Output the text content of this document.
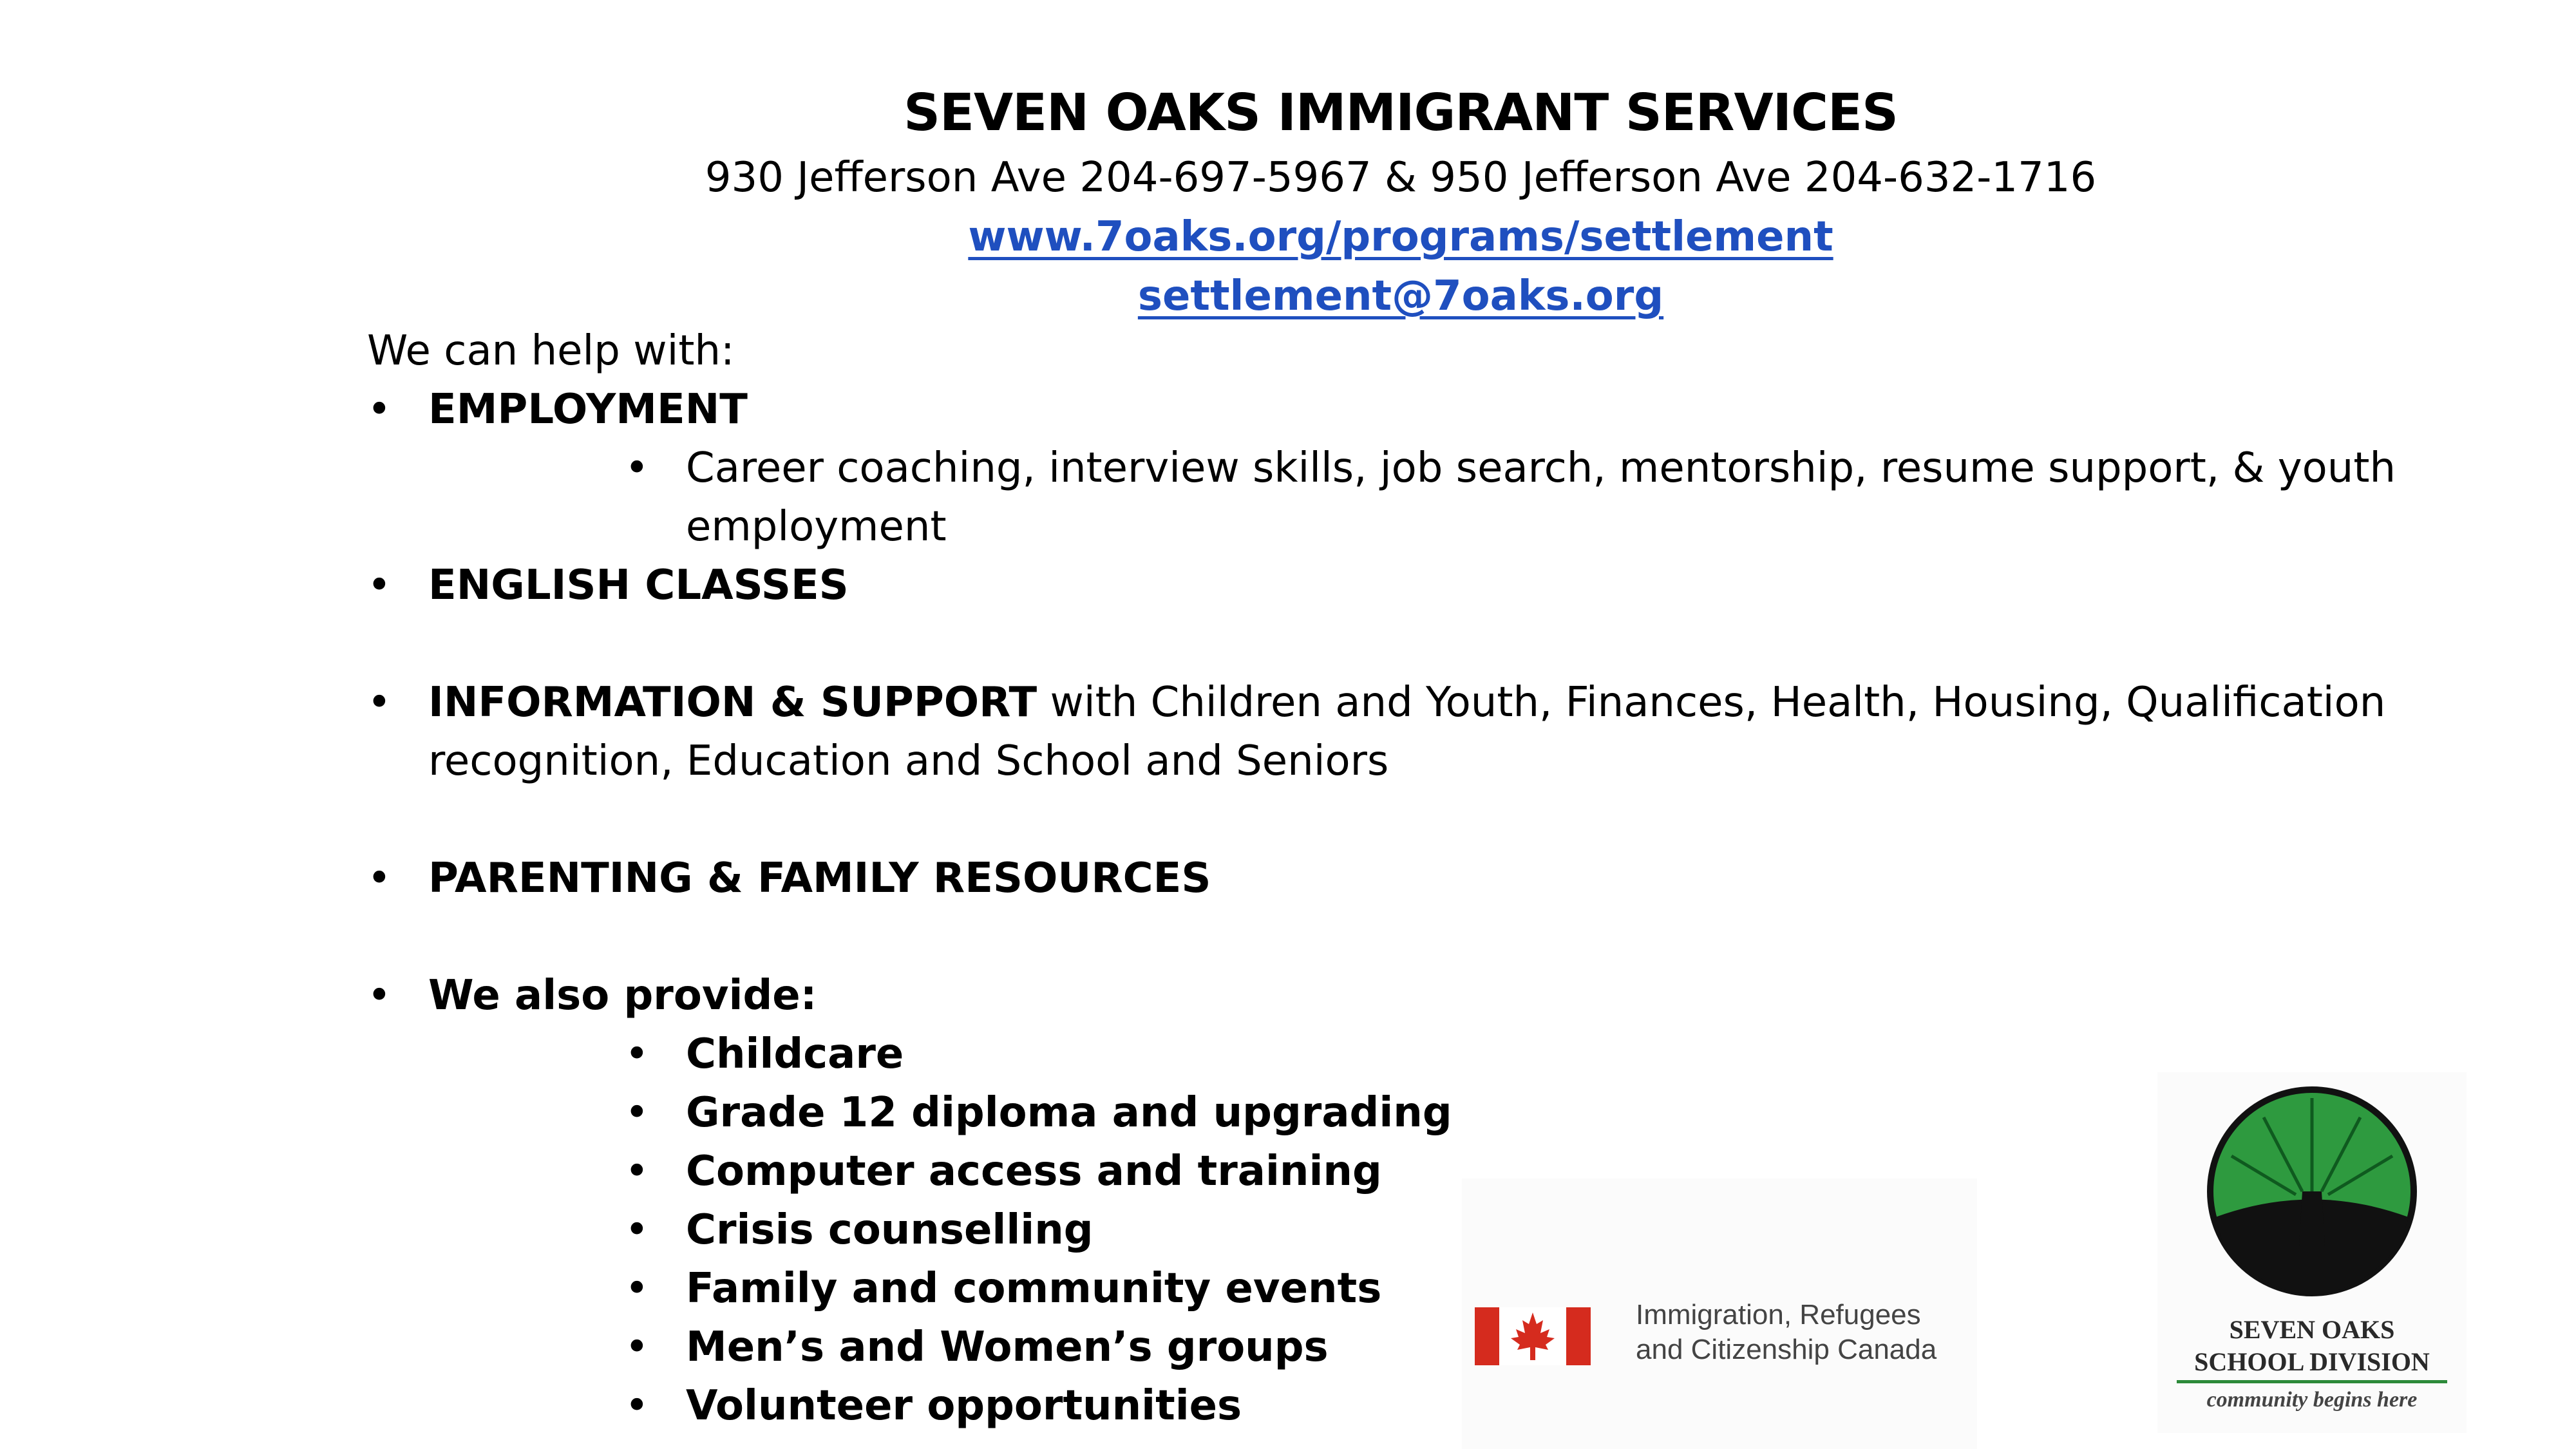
SEVEN OAKS IMMIGRANT SERVICES
930 Jefferson Ave 204-697-5967 & 950 Jefferson Ave 204-632-1716
www.7oaks.org/programs/settlement
settlement@7oaks.org

We can help with:

• EMPLOYMENT
• Career coaching, interview skills, job search, mentorship, resume support, & youth employment
• ENGLISH CLASSES
• INFORMATION & SUPPORT with Children and Youth, Finances, Health, Housing, Qualification recognition, Education and School and Seniors
• PARENTING & FAMILY RESOURCES
• We also provide:
• Childcare
• Grade 12 diploma and upgrading
• Computer access and training
• Crisis counselling
• Family and community events
• Men’s and Women’s groups
• Volunteer opportunities
Immigration, Refugees
and Citizenship Canada
SEVEN OAKS
SCHOOL DIVISION
community begins here
